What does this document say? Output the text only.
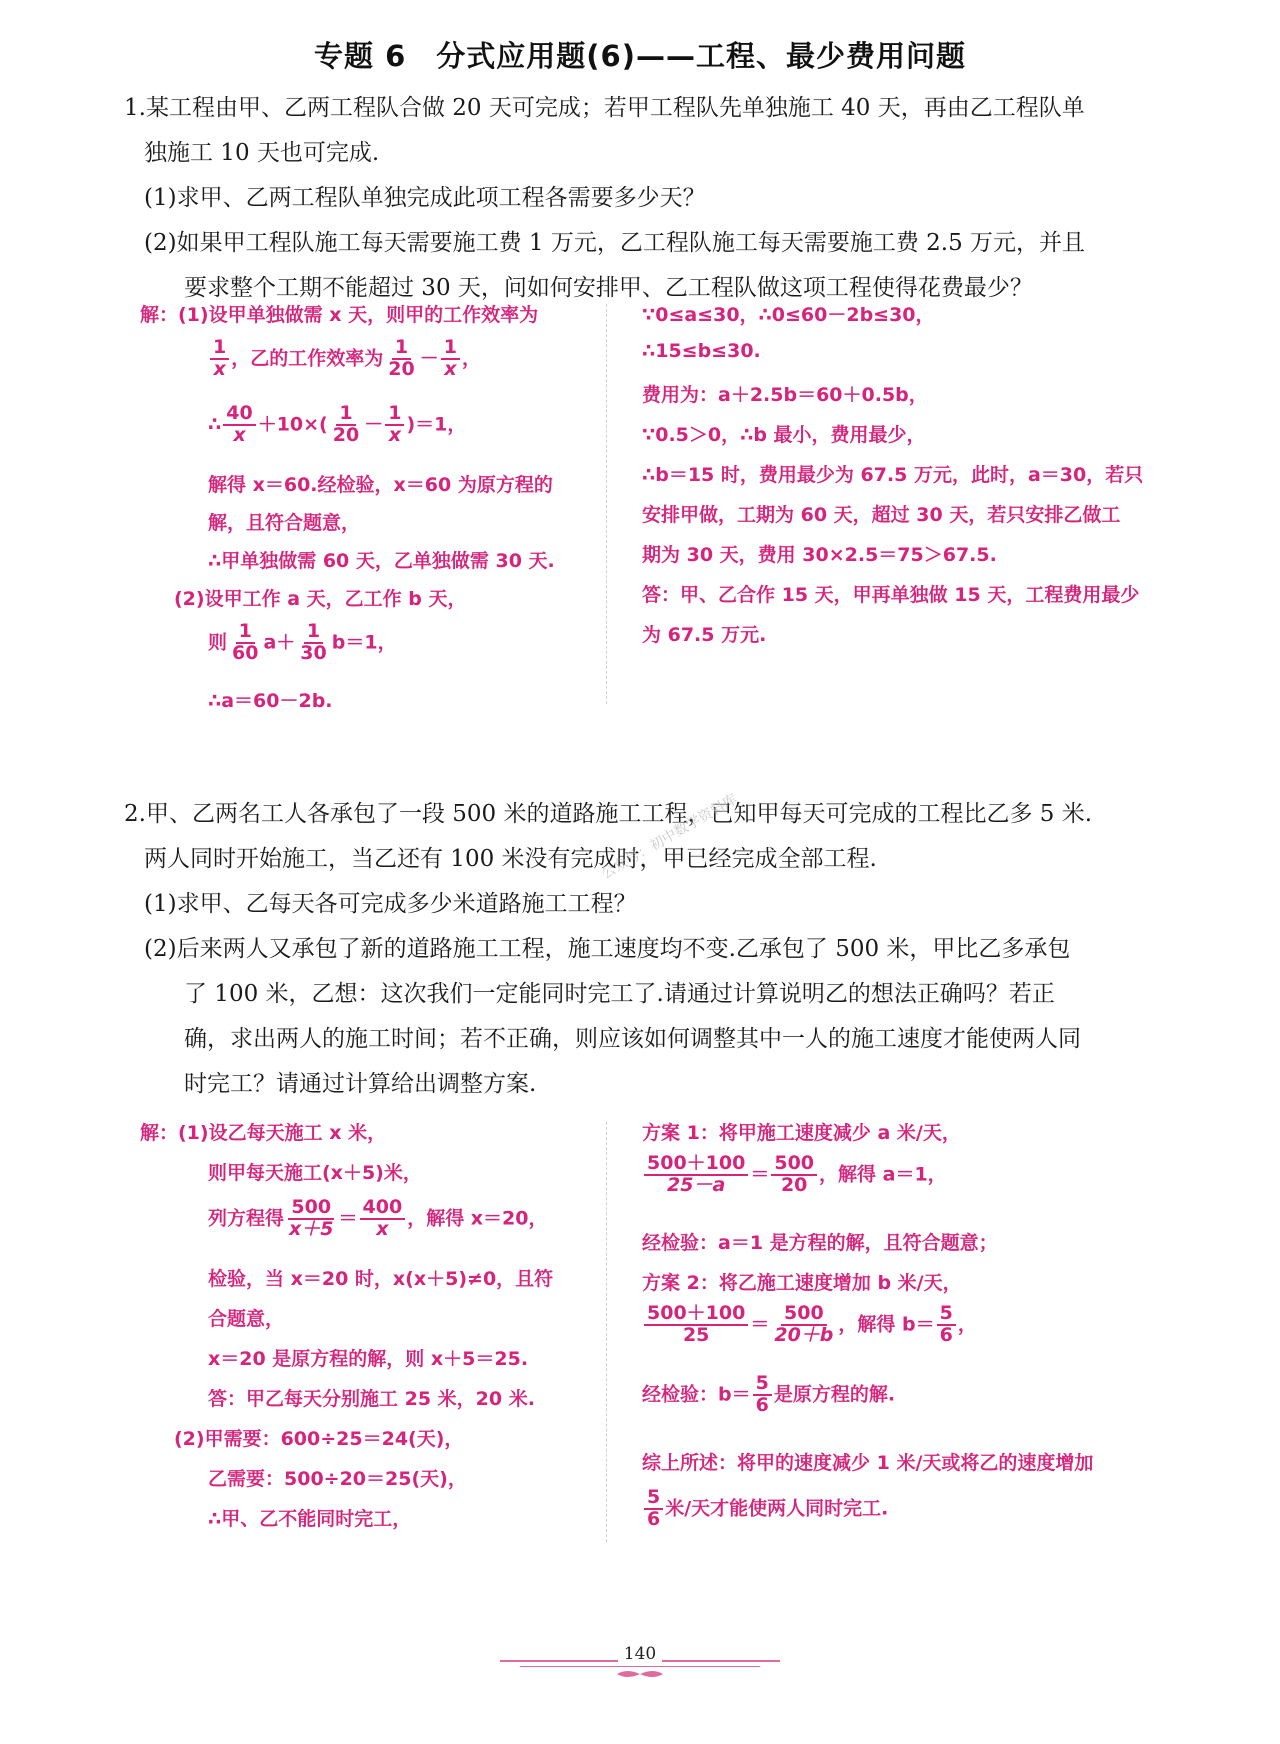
专题 6　分式应用题(6)——工程、最少费用问题
1.某工程由甲、乙两工程队合做 20 天可完成；若甲工程队先单独施工 40 天，再由乙工程队单
独施工 10 天也可完成.
(1)求甲、乙两工程队单独完成此项工程各需要多少天？
(2)如果甲工程队施工每天需要施工费 1 万元，乙工程队施工每天需要施工费 2.5 万元，并且
要求整个工期不能超过 30 天，问如何安排甲、乙工程队做这项工程使得花费最少？
解：(1)设甲单独做需 x 天，则甲的工作效率为
$\frac{1}{x}$ ，乙的工作效率为 $\frac{1}{20} - \frac{1}{x}$ ，
∴ $\frac{40}{x} +10\times( \frac{1}{20} - \frac{1}{x} )=1$，
解得 x＝60.经检验，x＝60 为原方程的
解，且符合题意，
∴甲单独做需 60 天，乙单独做需 30 天.
(2)设甲工作 a 天，乙工作 b 天，
则 $\frac{1}{60} a+ \frac{1}{30} b=1$，
∴a＝60－2b.
∵0≤a≤30，∴0≤60－2b≤30，
∴15≤b≤30.
费用为：a＋2.5b＝60＋0.5b，
∵0.5＞0，∴b 最小，费用最少，
∴b＝15 时，费用最少为 67.5 万元，此时，a＝30，若只
安排甲做，工期为 60 天，超过 30 天，若只安排乙做工
期为 30 天，费用 30×2.5＝75＞67.5.
答：甲、乙合作 15 天，甲再单独做 15 天，工程费用最少
为 67.5 万元.
2.甲、乙两名工人各承包了一段 500 米的道路施工工程，已知甲每天可完成的工程比乙多 5 米.
两人同时开始施工，当乙还有 100 米没有完成时，甲已经完成全部工程.
(1)求甲、乙每天各可完成多少米道路施工工程？
(2)后来两人又承包了新的道路施工工程，施工速度均不变.乙承包了 500 米，甲比乙多承包
了 100 米，乙想：这次我们一定能同时完工了.请通过计算说明乙的想法正确吗？若正
确，求出两人的施工时间；若不正确，则应该如何调整其中一人的施工速度才能使两人同
时完工？请通过计算给出调整方案.
公众号：初中数学资料库
解：(1)设乙每天施工 x 米，
则甲每天施工(x＋5)米，
列方程得 $\frac{500}{x+5} = \frac{400}{x}$ ，解得 x＝20，
检验，当 x＝20 时，x(x＋5)≠0，且符
合题意，
x＝20 是原方程的解，则 x＋5＝25.
答：甲乙每天分别施工 25 米，20 米.
(2)甲需要：600÷25＝24(天)，
乙需要：500÷20＝25(天)，
∴甲、乙不能同时完工，
方案 1：将甲施工速度减少 a 米/天，
$\frac{500+100}{25-a} = \frac{500}{20}$ ，解得 a＝1，
经检验：a＝1 是方程的解，且符合题意；
方案 2：将乙施工速度增加 b 米/天，
$\frac{500+100}{25} = \frac{500}{20+b}$ ，解得 $b= \frac{5}{6}$ ，
经检验：$b= \frac{5}{6}$ 是原方程的解.
综上所述：将甲的速度减少 1 米/天或将乙的速度增加
$\frac{5}{6}$ 米/天才能使两人同时完工.
140
